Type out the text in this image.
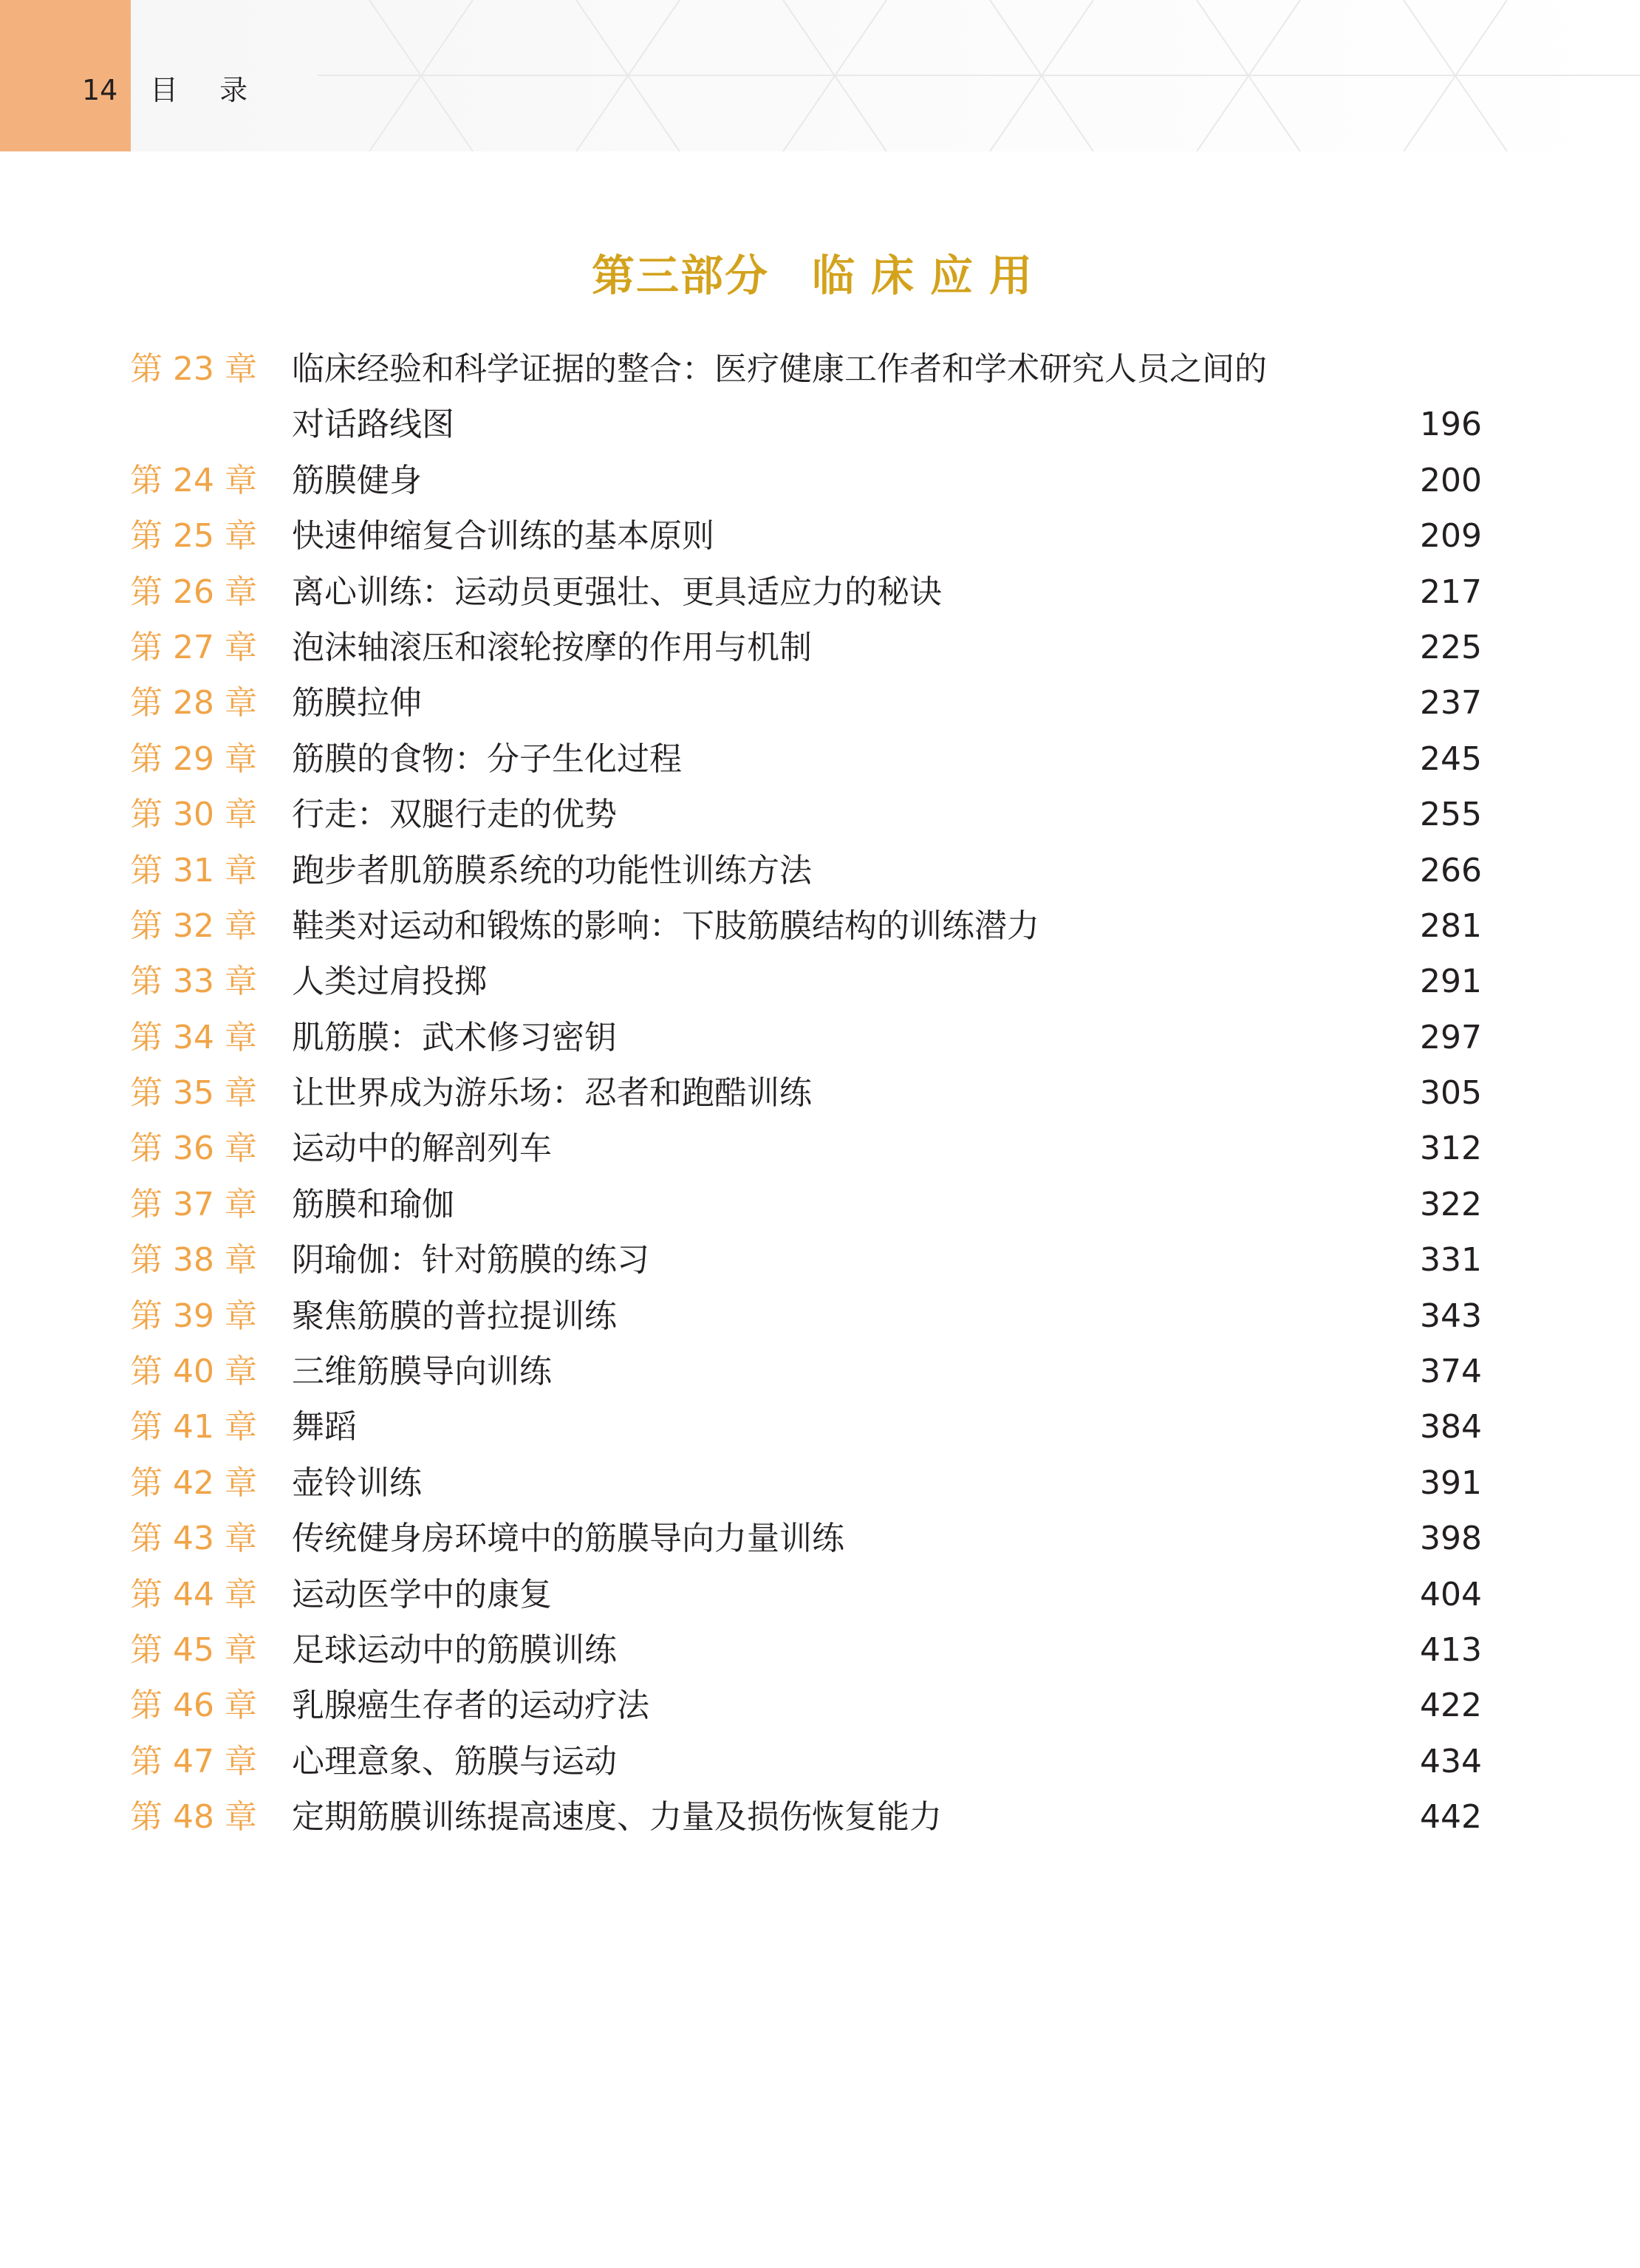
14 目 录
第三部分 临床应用
第 23 章 临床经验和科学证据的整合：医疗健康工作者和学术研究人员之间的
对话路线图	196
第 24 章 筋膜健身	200
第 25 章 快速伸缩复合训练的基本原则	209
第 26 章 离心训练：运动员更强壮、更具适应力的秘诀	217
第 27 章 泡沫轴滚压和滚轮按摩的作用与机制	225
第 28 章 筋膜拉伸	237
第 29 章 筋膜的食物：分子生化过程	245
第 30 章 行走：双腿行走的优势	255
第 31 章 跑步者肌筋膜系统的功能性训练方法	266
第 32 章 鞋类对运动和锻炼的影响：下肢筋膜结构的训练潜力	281
第 33 章 人类过肩投掷	291
第 34 章 肌筋膜：武术修习密钥	297
第 35 章 让世界成为游乐场：忍者和跑酷训练	305
第 36 章 运动中的解剖列车	312
第 37 章 筋膜和瑜伽	322
第 38 章 阴瑜伽：针对筋膜的练习	331
第 39 章 聚焦筋膜的普拉提训练	343
第 40 章 三维筋膜导向训练	374
第 41 章 舞蹈	384
第 42 章 壶铃训练	391
第 43 章 传统健身房环境中的筋膜导向力量训练	398
第 44 章 运动医学中的康复	404
第 45 章 足球运动中的筋膜训练	413
第 46 章 乳腺癌生存者的运动疗法	422
第 47 章 心理意象、筋膜与运动	434
第 48 章 定期筋膜训练提高速度、力量及损伤恢复能力	442
